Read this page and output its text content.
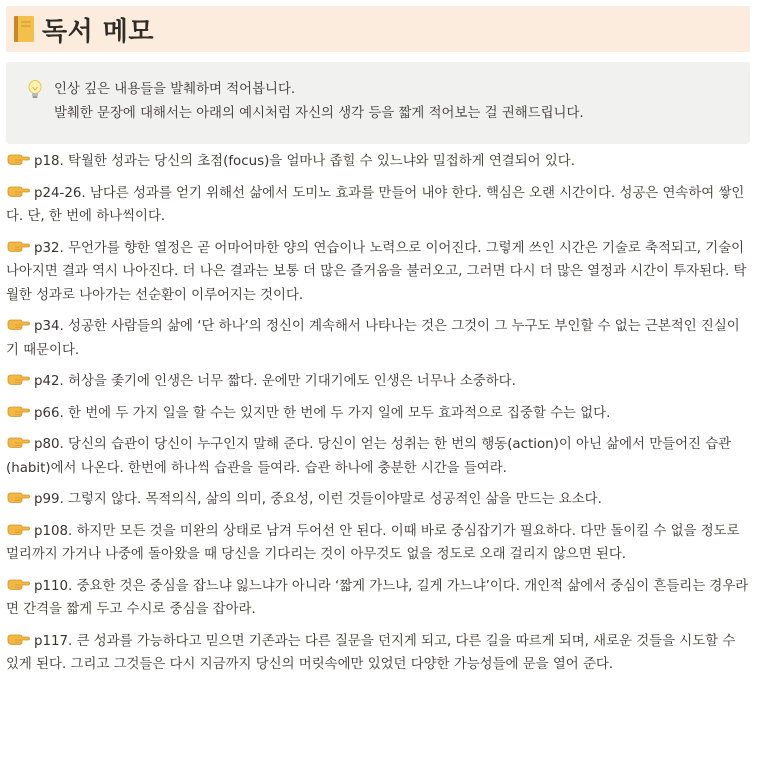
독서 메모
인상 깊은 내용들을 발췌하며 적어봅니다.
발췌한 문장에 대해서는 아래의 예시처럼 자신의 생각 등을 짧게 적어보는 걸 권해드립니다.
p18. 탁월한 성과는 당신의 초점(focus)을 얼마나 좁힐 수 있느냐와 밀접하게 연결되어 있다.
p24-26. 남다른 성과를 얻기 위해선 삶에서 도미노 효과를 만들어 내야 한다. 핵심은 오랜 시간이다. 성공은 연속하여 쌓인다. 단, 한 번에 하나씩이다.
p32. 무언가를 향한 열정은 곧 어마어마한 양의 연습이나 노력으로 이어진다. 그렇게 쓰인 시간은 기술로 축적되고, 기술이 나아지면 결과 역시 나아진다. 더 나은 결과는 보통 더 많은 즐거움을 불러오고, 그러면 다시 더 많은 열정과 시간이 투자된다. 탁월한 성과로 나아가는 선순환이 이루어지는 것이다.
p34. 성공한 사람들의 삶에 ‘단 하나’의 정신이 계속해서 나타나는 것은 그것이 그 누구도 부인할 수 없는 근본적인 진실이기 때문이다.
p42. 허상을 좇기에 인생은 너무 짧다. 운에만 기대기에도 인생은 너무나 소중하다.
p66. 한 번에 두 가지 일을 할 수는 있지만 한 번에 두 가지 일에 모두 효과적으로 집중할 수는 없다.
p80. 당신의 습관이 당신이 누구인지 말해 준다. 당신이 얻는 성취는 한 번의 행동(action)이 아닌 삶에서 만들어진 습관(habit)에서 나온다. 한번에 하나씩 습관을 들여라. 습관 하나에 충분한 시간을 들여라.
p99. 그렇지 않다. 목적의식, 삶의 의미, 중요성, 이런 것들이야말로 성공적인 삶을 만드는 요소다.
p108. 하지만 모든 것을 미완의 상태로 남겨 두어선 안 된다. 이때 바로 중심잡기가 필요하다. 다만 돌이킬 수 없을 정도로 멀리까지 가거나 나중에 돌아왔을 때 당신을 기다리는 것이 아무것도 없을 정도로 오래 걸리지 않으면 된다.
p110. 중요한 것은 중심을 잡느냐 잃느냐가 아니라 ‘짧게 가느냐, 길게 가느냐’이다. 개인적 삶에서 중심이 흔들리는 경우라면 간격을 짧게 두고 수시로 중심을 잡아라.
p117. 큰 성과를 가능하다고 믿으면 기존과는 다른 질문을 던지게 되고, 다른 길을 따르게 되며, 새로운 것들을 시도할 수 있게 된다. 그리고 그것들은 다시 지금까지 당신의 머릿속에만 있었던 다양한 가능성들에 문을 열어 준다.
